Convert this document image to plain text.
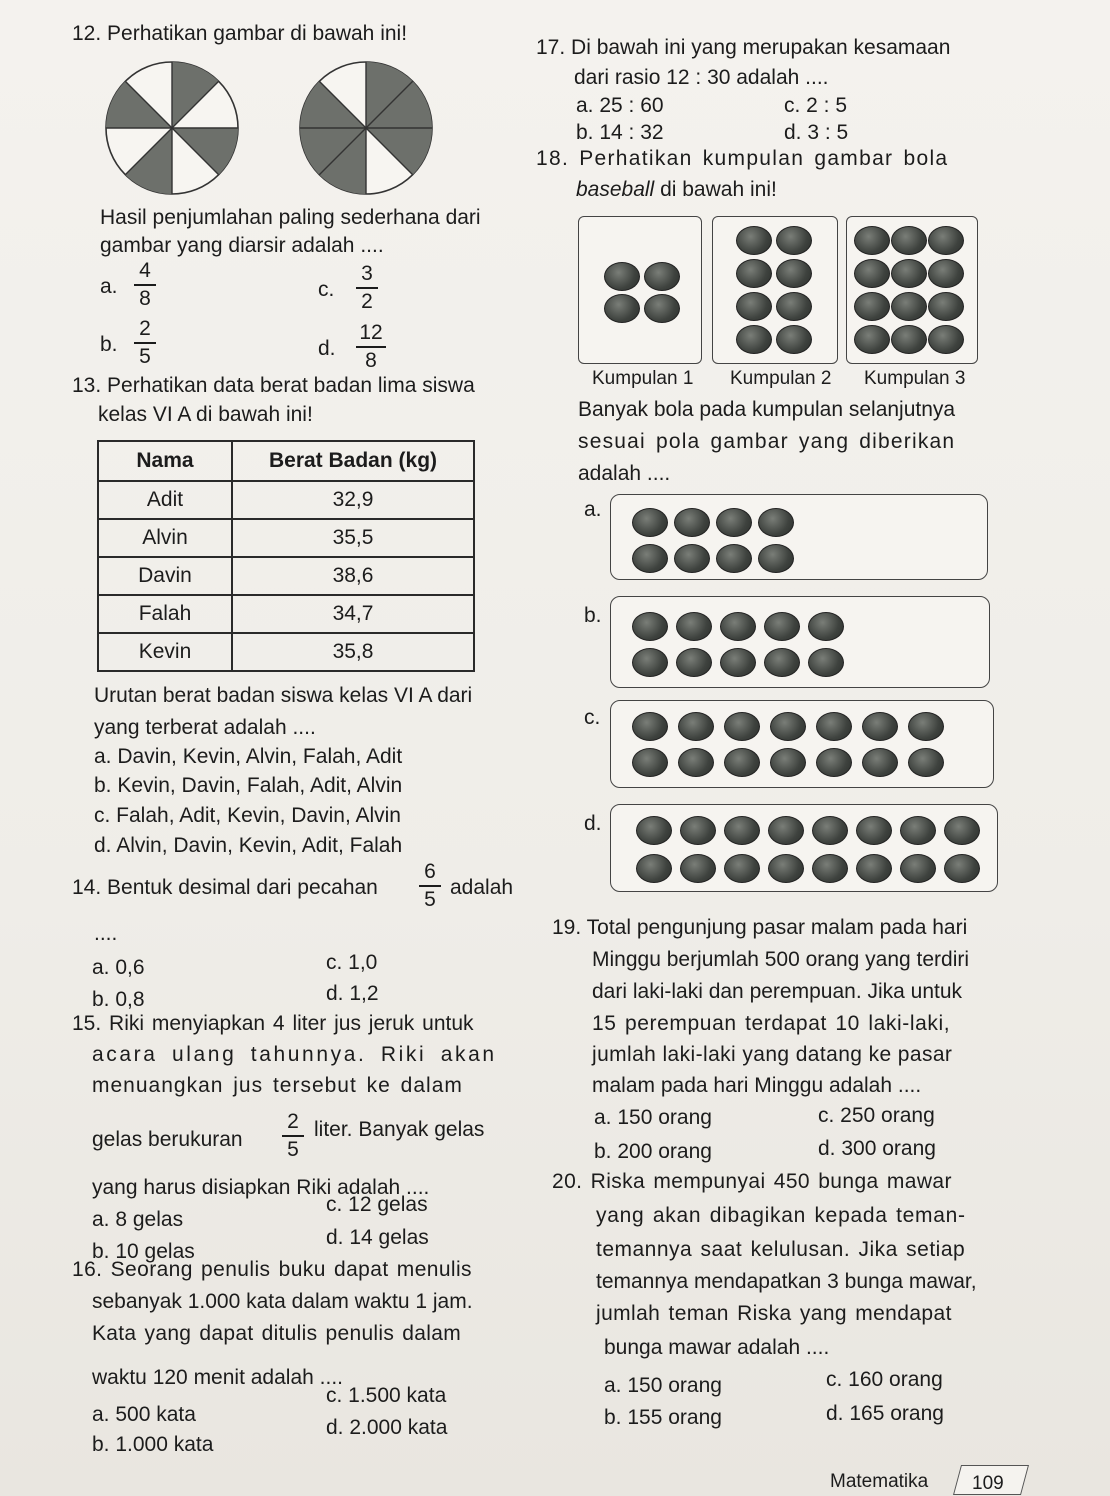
12. Perhatikan gambar di bawah ini!
Hasil penjumlahan paling sederhana dari
gambar yang diarsir adalah ....
a.
4
8
b.
2
5
c.
3
2
d.
12
8
13. Perhatikan data berat badan lima siswa
kelas VI A di bawah ini!
Nama	Berat Badan (kg)
Adit	32,9
Alvin	35,5
Davin	38,6
Falah	34,7
Kevin	35,8
Urutan berat badan siswa kelas VI A dari
yang terberat adalah ....
a. Davin, Kevin, Alvin, Falah, Adit
b. Kevin, Davin, Falah, Adit, Alvin
c. Falah, Adit, Kevin, Davin, Alvin
d. Alvin, Davin, Kevin, Adit, Falah
14. Bentuk desimal dari pecahan
6
5
adalah
....
a. 0,6
b. 0,8
c. 1,0
d. 1,2
15. Riki menyiapkan 4 liter jus jeruk untuk
acara ulang tahunnya. Riki akan
menuangkan jus tersebut ke dalam
gelas berukuran
2
5
liter. Banyak gelas
yang harus disiapkan Riki adalah ....
a. 8 gelas
b. 10 gelas
c. 12 gelas
d. 14 gelas
16. Seorang penulis buku dapat menulis
sebanyak 1.000 kata dalam waktu 1 jam.
Kata yang dapat ditulis penulis dalam
waktu 120 menit adalah ....
a. 500 kata
b. 1.000 kata
c. 1.500 kata
d. 2.000 kata
17. Di bawah ini yang merupakan kesamaan
dari rasio 12 : 30 adalah ....
a. 25 : 60
b. 14 : 32
c. 2 : 5
d. 3 : 5
18. Perhatikan kumpulan gambar bola
baseball di bawah ini!
Kumpulan 1 Kumpulan 2 Kumpulan 3
Banyak bola pada kumpulan selanjutnya
sesuai pola gambar yang diberikan
adalah ....
a.
b.
c.
d.
19. Total pengunjung pasar malam pada hari
Minggu berjumlah 500 orang yang terdiri
dari laki-laki dan perempuan. Jika untuk
15 perempuan terdapat 10 laki-laki,
jumlah laki-laki yang datang ke pasar
malam pada hari Minggu adalah ....
a. 150 orang
b. 200 orang
c. 250 orang
d. 300 orang
20. Riska mempunyai 450 bunga mawar
yang akan dibagikan kepada teman-
temannya saat kelulusan. Jika setiap
temannya mendapatkan 3 bunga mawar,
jumlah teman Riska yang mendapat
bunga mawar adalah ....
a. 150 orang
b. 155 orang
c. 160 orang
d. 165 orang
Matematika 109
